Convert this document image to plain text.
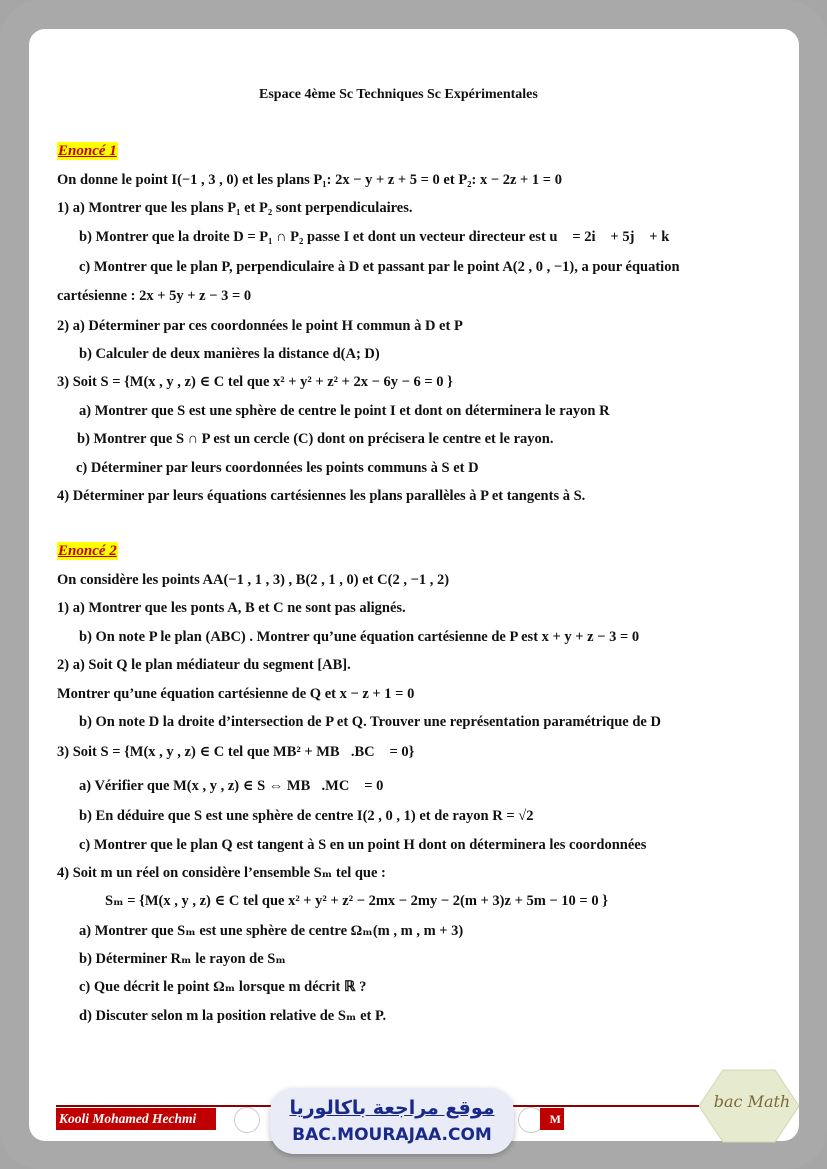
Espace 4ème Sc Techniques Sc Expérimentales
Enoncé 1
On donne le point I(−1 , 3 , 0) et les plans P₁: 2x − y + z + 5 = 0 et P₂: x − 2z + 1 = 0
1) a) Montrer que les plans P₁ et P₂ sont perpendiculaires.
b) Montrer que la droite D = P₁ ∩ P₂ passe I et dont un vecteur directeur est u⃗ = 2i⃗ + 5j⃗ + k⃗
c) Montrer que le plan P, perpendiculaire à D et passant par le point A(2 , 0 , −1), a pour équation
cartésienne : 2x + 5y + z − 3 = 0
2) a) Déterminer par ces coordonnées le point H commun à D et P
b) Calculer de deux manières la distance d(A; D)
3) Soit S = {M(x , y , z) ∈ C tel que x² + y² + z² + 2x − 6y − 6 = 0 }
a) Montrer que S est une sphère de centre le point I et dont on déterminera le rayon R
b) Montrer que S ∩ P est un cercle (C) dont on précisera le centre et le rayon.
c) Déterminer par leurs coordonnées les points communs à S et D
4) Déterminer par leurs équations cartésiennes les plans parallèles à P et tangents à S.
Enoncé 2
On considère les points AA(−1 , 1 , 3) , B(2 , 1 , 0) et C(2 , −1 , 2)
1) a) Montrer que les ponts A, B et C ne sont pas alignés.
b) On note P le plan (ABC) . Montrer qu’une équation cartésienne de P est x + y + z − 3 = 0
2) a) Soit Q le plan médiateur du segment [AB].
Montrer qu’une équation cartésienne de Q et x − z + 1 = 0
b) On note D la droite d’intersection de P et Q. Trouver une représentation paramétrique de D
3) Soit S = {M(x , y , z) ∈ C tel que MB² + MB⃗.BC⃗ = 0}
a) Vérifier que M(x , y , z) ∈ S ⇔ MB⃗.MC⃗ = 0
b) En déduire que S est une sphère de centre I(2 , 0 , 1) et de rayon R = √2
c) Montrer que le plan Q est tangent à S en un point H dont on déterminera les coordonnées
4) Soit m un réel on considère l’ensemble Sₘ tel que :
Sₘ = {M(x , y , z) ∈ C tel que x² + y² + z² − 2mx − 2my − 2(m + 3)z + 5m − 10 = 0 }
a) Montrer que Sₘ est une sphère de centre Ωₘ(m , m , m + 3)
b) Déterminer Rₘ le rayon de Sₘ
c) Que décrit le point Ωₘ lorsque m décrit ℝ ?
d) Discuter selon m la position relative de Sₘ et P.
Kooli Mohamed Hechmi	M
موقع مراجعة باكالوريا
BAC.MOURAJAA.COM
bac Math
